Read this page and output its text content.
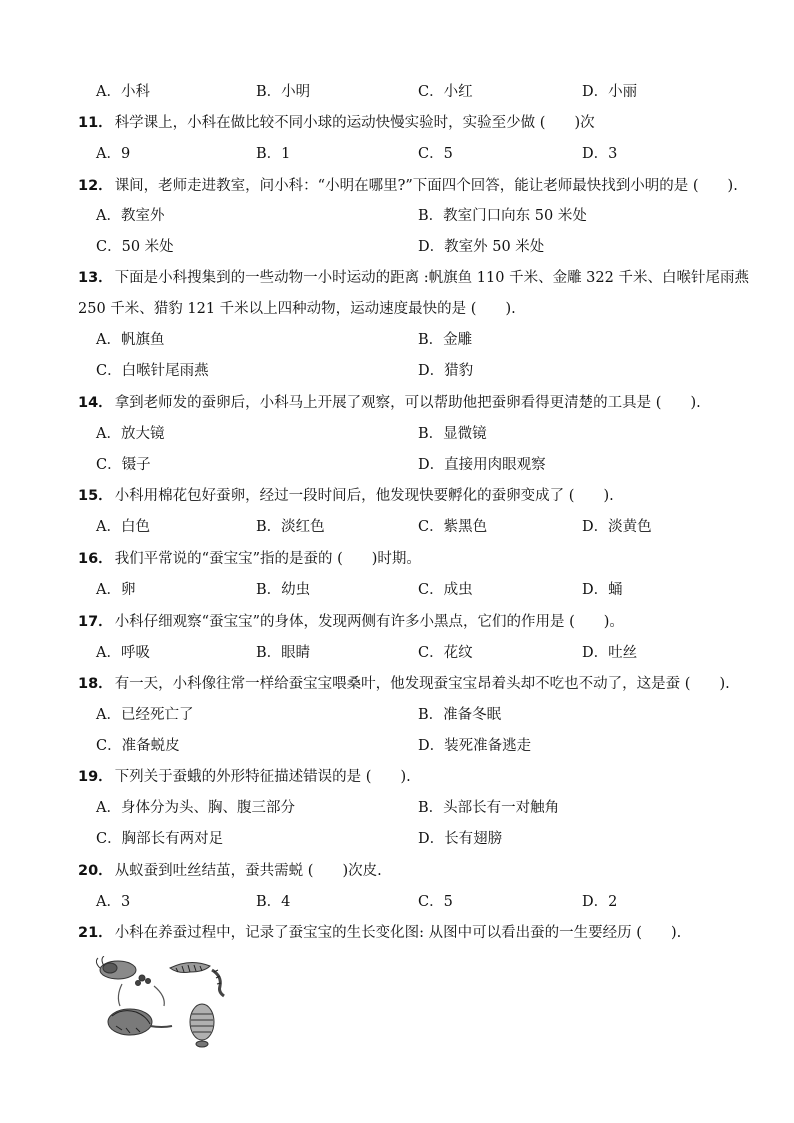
A．小科	B．小明	C．小红	D．小丽
11． 科学课上，小科在做比较不同小球的运动快慢实验时，实验至少做 (　　)次
A．9	B．1	C．5	D．3
12． 课间，老师走进教室，问小科：“小明在哪里?”下面四个回答，能让老师最快找到小明的是 (　　).
A．教室外	B．教室门口向东 50 米处
C．50 米处	D．教室外 50 米处
13． 下面是小科搜集到的一些动物一小时运动的距离 :帆旗鱼 110 千米、金雕 322 千米、白喉针尾雨燕
250 千米、猎豹 121 千米以上四种动物，运动速度最快的是 (　　).
A．帆旗鱼	B．金雕
C．白喉针尾雨燕	D．猎豹
14． 拿到老师发的蚕卵后，小科马上开展了观察，可以帮助他把蚕卵看得更清楚的工具是 (　　).
A．放大镜	B．显微镜
C．镊子	D．直接用肉眼观察
15． 小科用棉花包好蚕卵，经过一段时间后，他发现快要孵化的蚕卵变成了 (　　).
A．白色	B．淡红色	C．紫黑色	D．淡黄色
16． 我们平常说的“蚕宝宝”指的是蚕的 (　　)时期。
A．卵	B．幼虫	C．成虫	D．蛹
17． 小科仔细观察“蚕宝宝”的身体，发现两侧有许多小黑点，它们的作用是 (　　)。
A．呼吸	B．眼睛	C．花纹	D．吐丝
18． 有一天，小科像往常一样给蚕宝宝喂桑叶，他发现蚕宝宝昂着头却不吃也不动了，这是蚕 (　　).
A．已经死亡了	B．准备冬眠
C．准备蜕皮	D．装死准备逃走
19． 下列关于蚕蛾的外形特征描述错误的是 (　　).
A．身体分为头、胸、腹三部分	B．头部长有一对触角
C．胸部长有两对足	D．长有翅膀
20． 从蚁蚕到吐丝结茧，蚕共需蜕 (　　)次皮.
A．3	B．4	C．5	D．2
21． 小科在养蚕过程中，记录了蚕宝宝的生长变化图: 从图中可以看出蚕的一生要经历 (　　).
